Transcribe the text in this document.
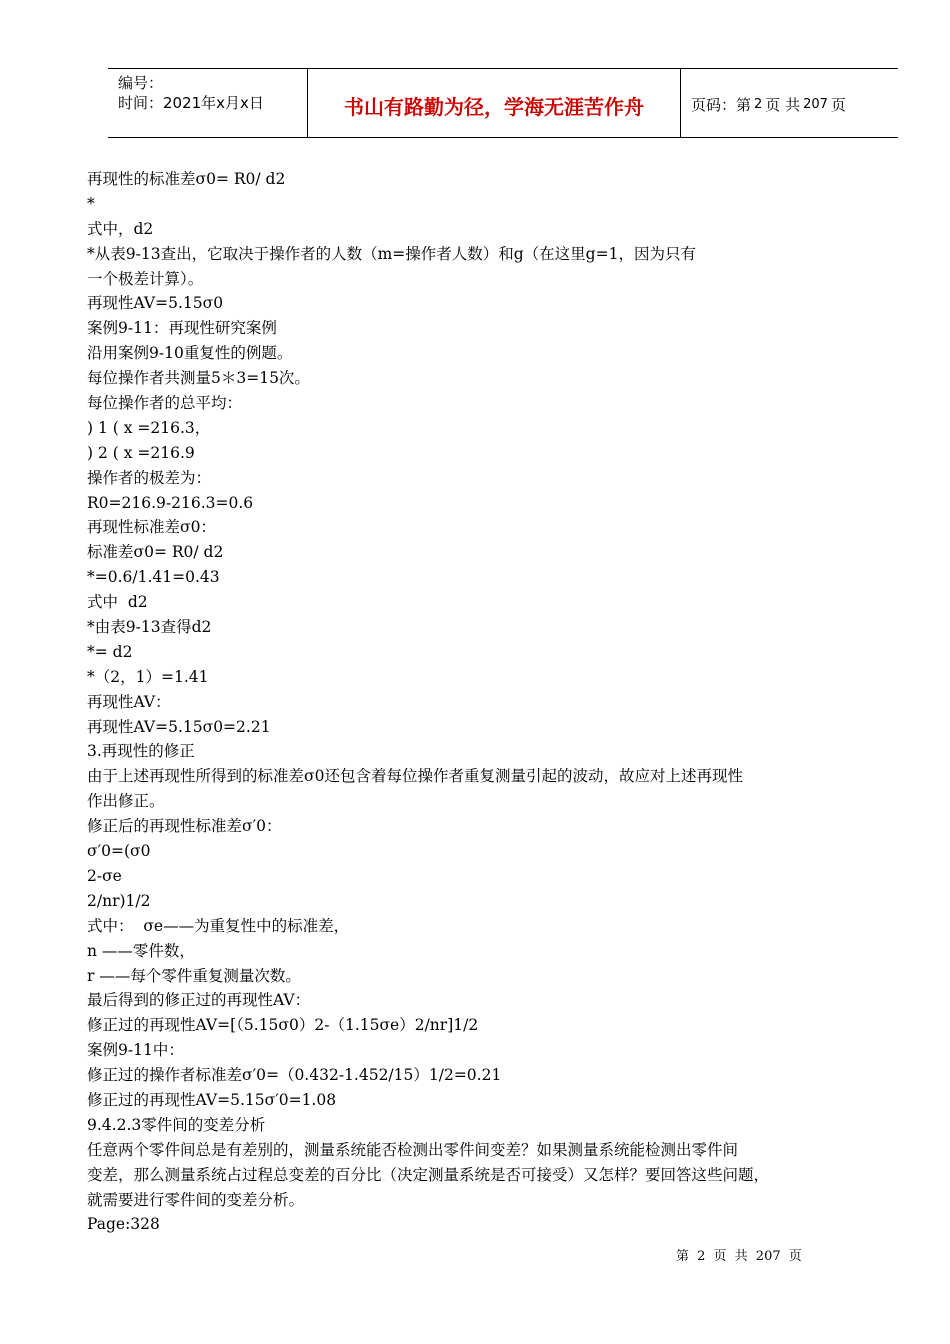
编号：
时间：2021年x月x日	书山有路勤为径，学海无涯苦作舟	页码：第 2 页 共 207 页
再现性的标准差σ0= R0/ d2
*
式中，d2
*从表9-13查出，它取决于操作者的人数（m=操作者人数）和g（在这里g=1，因为只有
一个极差计算）。
再现性AV=5.15σ0
案例9-11：再现性研究案例
沿用案例9-10重复性的例题。
每位操作者共测量5＊3=15次。
每位操作者的总平均：
) 1 ( x =216.3，
) 2 ( x =216.9
操作者的极差为：
R0=216.9-216.3=0.6
再现性标准差σ0：
标准差σ0= R0/ d2
*=0.6/1.41=0.43
式中  d2
*由表9-13查得d2
*= d2
*（2，1）=1.41
再现性AV：
再现性AV=5.15σ0=2.21
3.再现性的修正
由于上述再现性所得到的标准差σ0还包含着每位操作者重复测量引起的波动，故应对上述再现性
作出修正。
修正后的再现性标准差σ′0：
σ′0=(σ0
2-σe
2/nr)1/2
式中：  σe——为重复性中的标准差，
n ——零件数，
r ——每个零件重复测量次数。
最后得到的修正过的再现性AV：
修正过的再现性AV=[（5.15σ0）2-（1.15σe）2/nr]1/2
案例9-11中：
修正过的操作者标准差σ′0=（0.432-1.452/15）1/2=0.21
修正过的再现性AV=5.15σ′0=1.08
9.4.2.3零件间的变差分析
任意两个零件间总是有差别的，测量系统能否检测出零件间变差？如果测量系统能检测出零件间
变差，那么测量系统占过程总变差的百分比（决定测量系统是否可接受）又怎样？要回答这些问题，
就需要进行零件间的变差分析。
Page:328
第 2 页 共 207 页
